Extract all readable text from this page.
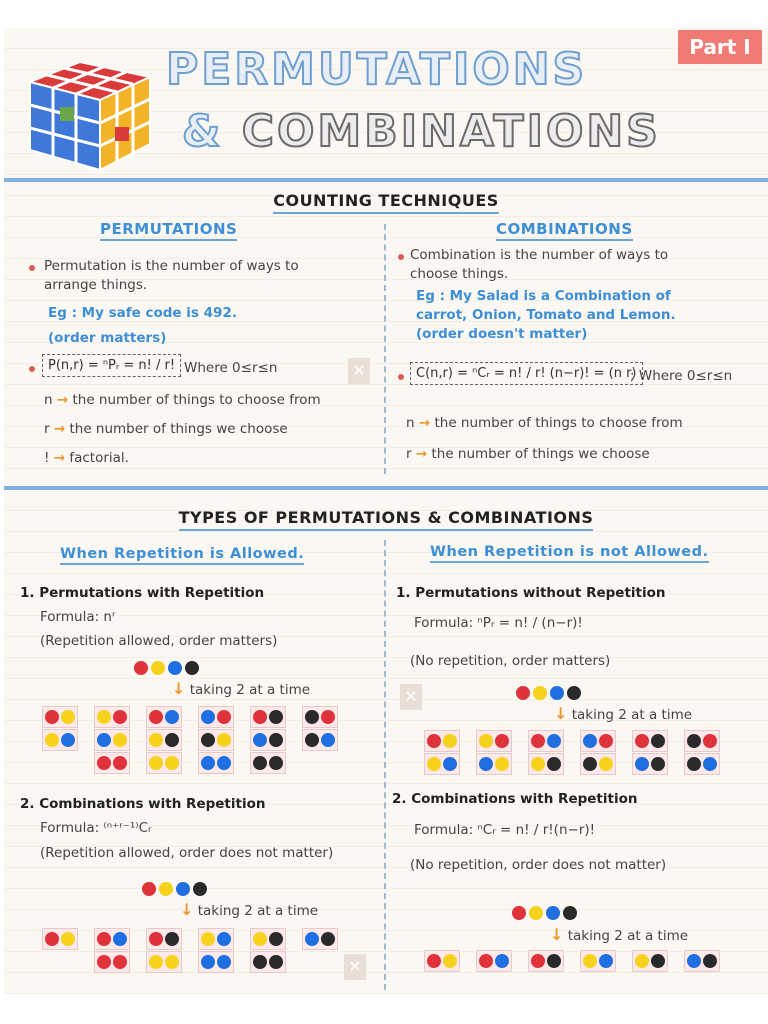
Part I
PERMUTATIONS
& COMBINATIONS
COUNTING TECHNIQUES
PERMUTATIONS	COMBINATIONS
Permutation is the number of ways to
arrange things.
Eg : My safe code is 492.
(order matters)
P(n,r) = ⁿPᵣ = n! / r! Where 0≤r≤n
n → the number of things to choose from
r → the number of things we choose
! → factorial.
✕
Combination is the number of ways to
choose things.
Eg : My Salad is a Combination of
carrot, Onion, Tomato and Lemon.
(order doesn't matter)
C(n,r) = ⁿCᵣ = n! / r! (n−r)! = (n r)
; Where 0≤r≤n
n → the number of things to choose from
r → the number of things we choose
TYPES OF PERMUTATIONS & COMBINATIONS
When Repetition is Allowed.	When Repetition is not Allowed.
1. Permutations with Repetition
Formula: nʳ
(Repetition allowed, order matters)
↓ taking 2 at a time
2. Combinations with Repetition
Formula: ⁽ⁿ⁺ʳ⁻¹⁾Cᵣ
(Repetition allowed, order does not matter)
↓ taking 2 at a time
1. Permutations without Repetition
Formula: ⁿPᵣ = n! / (n−r)!
(No repetition, order matters)
↓ taking 2 at a time
2. Combinations with Repetition
Formula: ⁿCᵣ = n! / r!(n−r)!
(No repetition, order does not matter)
↓ taking 2 at a time
✕
✕
